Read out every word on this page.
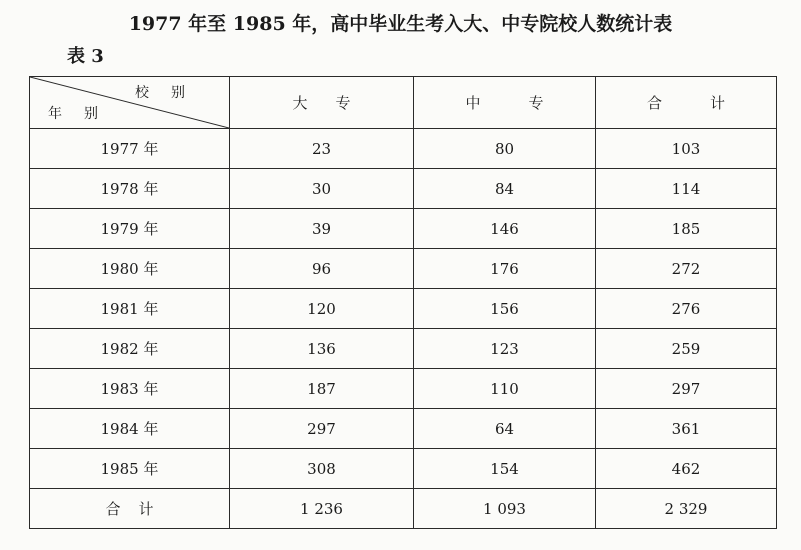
1977 年至 1985 年，高中毕业生考入大、中专院校人数统计表
表 3
校别
年别	大专	中专	合计
1977 年	23	80	103
1978 年	30	84	114
1979 年	39	146	185
1980 年	96	176	272
1981 年	120	156	276
1982 年	136	123	259
1983 年	187	110	297
1984 年	297	64	361
1985 年	308	154	462
合计	1 236	1 093	2 329
